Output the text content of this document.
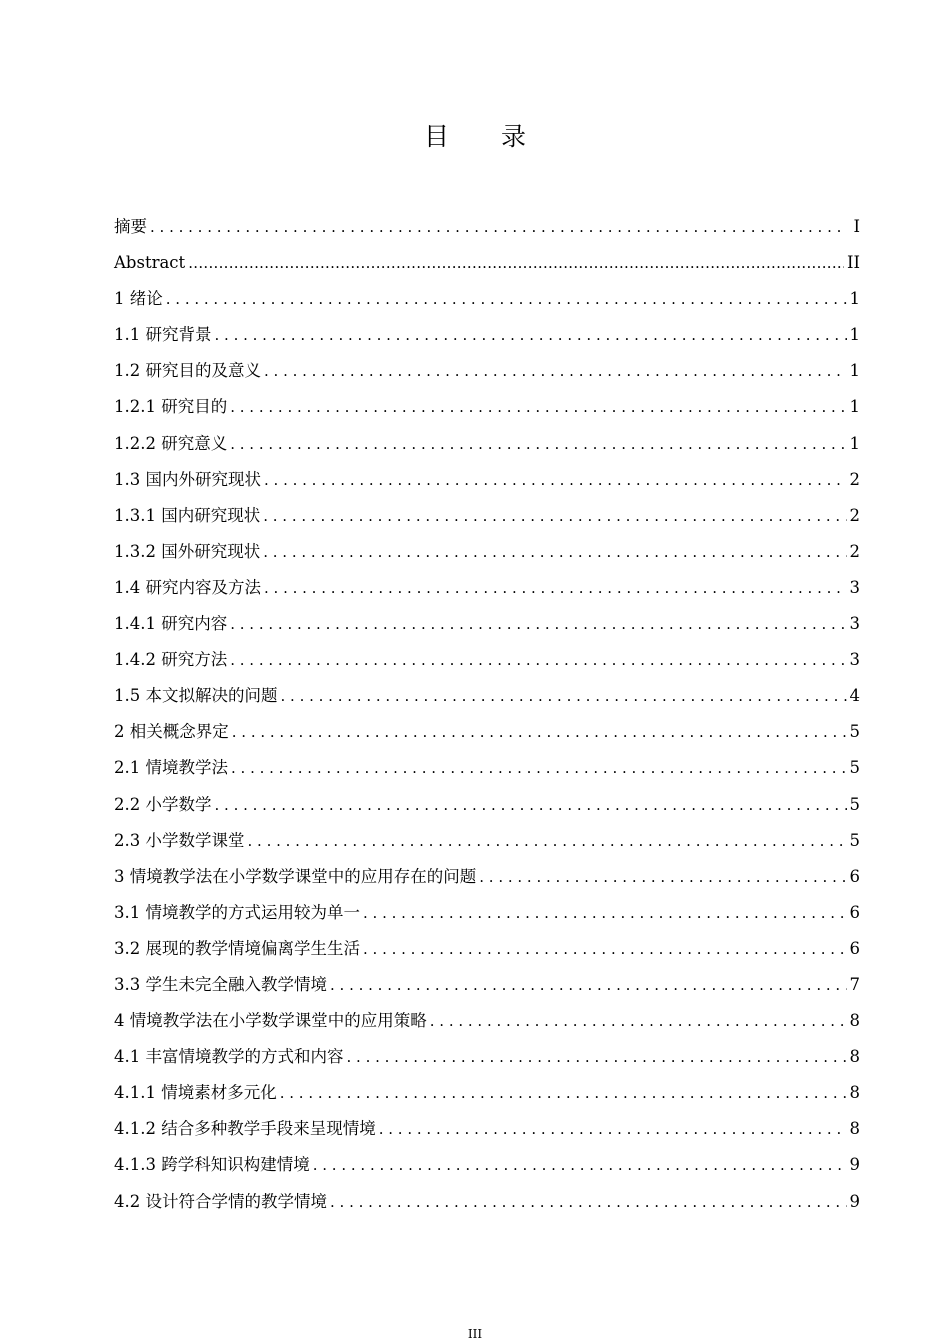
目 录
摘要 . . .	I
Abstract .....	II
1 绪论 . . .	1
1.1 研究背景 . . .	1
1.2 研究目的及意义 . . .	1
1.2.1 研究目的 . . .	1
1.2.2 研究意义 . . .	1
1.3 国内外研究现状 . . .	2
1.3.1 国内研究现状 . . .	2
1.3.2 国外研究现状 . . .	2
1.4 研究内容及方法 . . .	3
1.4.1 研究内容 . . .	3
1.4.2 研究方法 . . .	3
1.5 本文拟解决的问题 . . .	4
2 相关概念界定 . . .	5
2.1 情境教学法 . . .	5
2.2 小学数学 . . .	5
2.3 小学数学课堂 . . .	5
3 情境教学法在小学数学课堂中的应用存在的问题 . . .	6
3.1 情境教学的方式运用较为单一 . . .	6
3.2 展现的教学情境偏离学生生活 . . .	6
3.3 学生未完全融入教学情境 . . .	7
4 情境教学法在小学数学课堂中的应用策略 . . .	8
4.1 丰富情境教学的方式和内容 . . .	8
4.1.1 情境素材多元化 . . .	8
4.1.2 结合多种教学手段来呈现情境 . . .	8
4.1.3 跨学科知识构建情境 . . .	9
4.2 设计符合学情的教学情境 . . .	9
III
